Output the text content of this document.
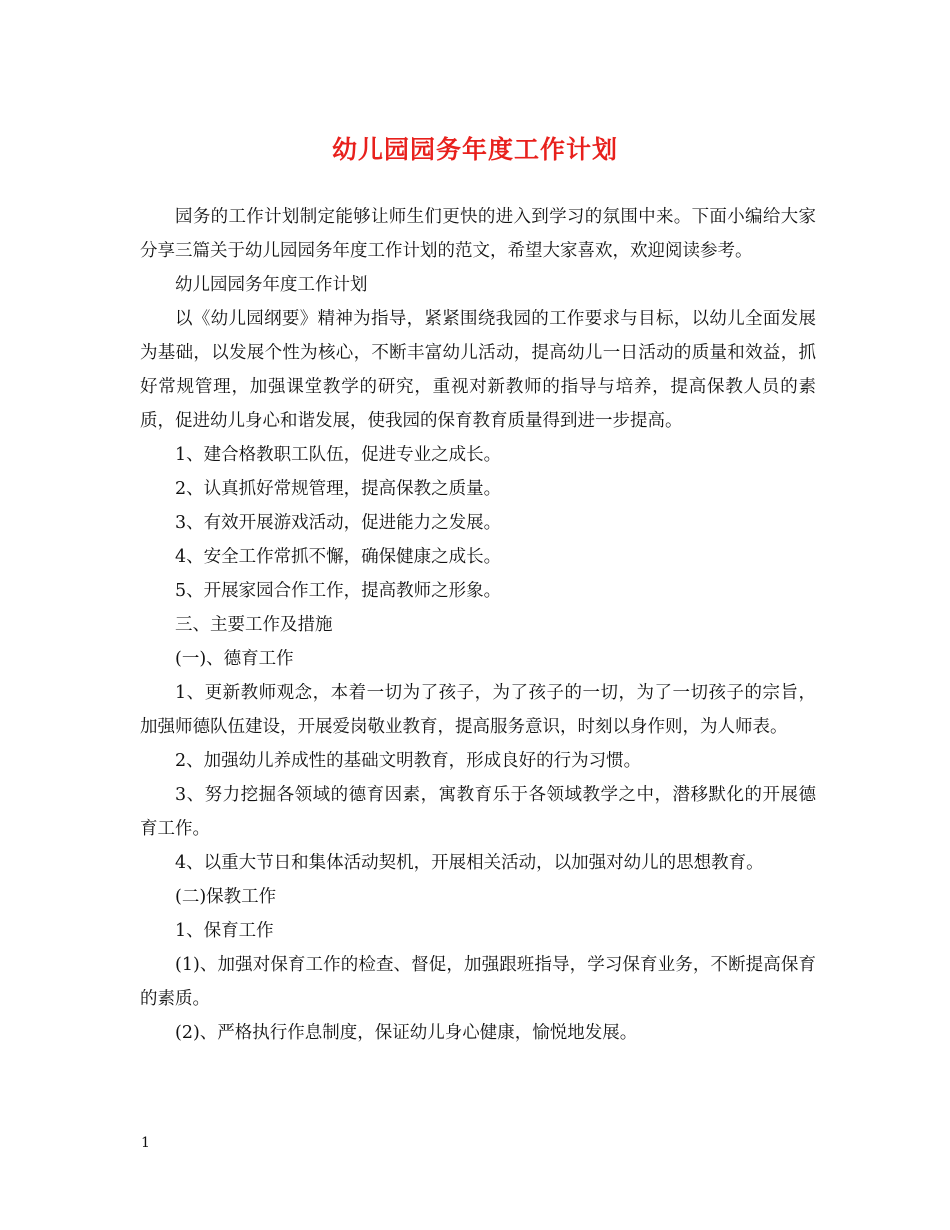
幼儿园园务年度工作计划

园务的工作计划制定能够让师生们更快的进入到学习的氛围中来。下面小编给大家分享三篇关于幼儿园园务年度工作计划的范文，希望大家喜欢，欢迎阅读参考。

幼儿园园务年度工作计划

以《幼儿园纲要》精神为指导，紧紧围绕我园的工作要求与目标，以幼儿全面发展为基础，以发展个性为核心，不断丰富幼儿活动，提高幼儿一日活动的质量和效益，抓好常规管理，加强课堂教学的研究，重视对新教师的指导与培养，提高保教人员的素质，促进幼儿身心和谐发展，使我园的保育教育质量得到进一步提高。

1、建合格教职工队伍，促进专业之成长。

2、认真抓好常规管理，提高保教之质量。

3、有效开展游戏活动，促进能力之发展。

4、安全工作常抓不懈，确保健康之成长。

5、开展家园合作工作，提高教师之形象。

三、主要工作及措施

(一)、德育工作

1、更新教师观念，本着一切为了孩子，为了孩子的一切，为了一切孩子的宗旨，加强师德队伍建设，开展爱岗敬业教育，提高服务意识，时刻以身作则，为人师表。

2、加强幼儿养成性的基础文明教育，形成良好的行为习惯。

3、努力挖掘各领域的德育因素，寓教育乐于各领域教学之中，潜移默化的开展德育工作。

4、以重大节日和集体活动契机，开展相关活动，以加强对幼儿的思想教育。

(二)保教工作

1、保育工作

(1)、加强对保育工作的检查、督促，加强跟班指导，学习保育业务，不断提高保育的素质。

(2)、严格执行作息制度，保证幼儿身心健康，愉悦地发展。

1
